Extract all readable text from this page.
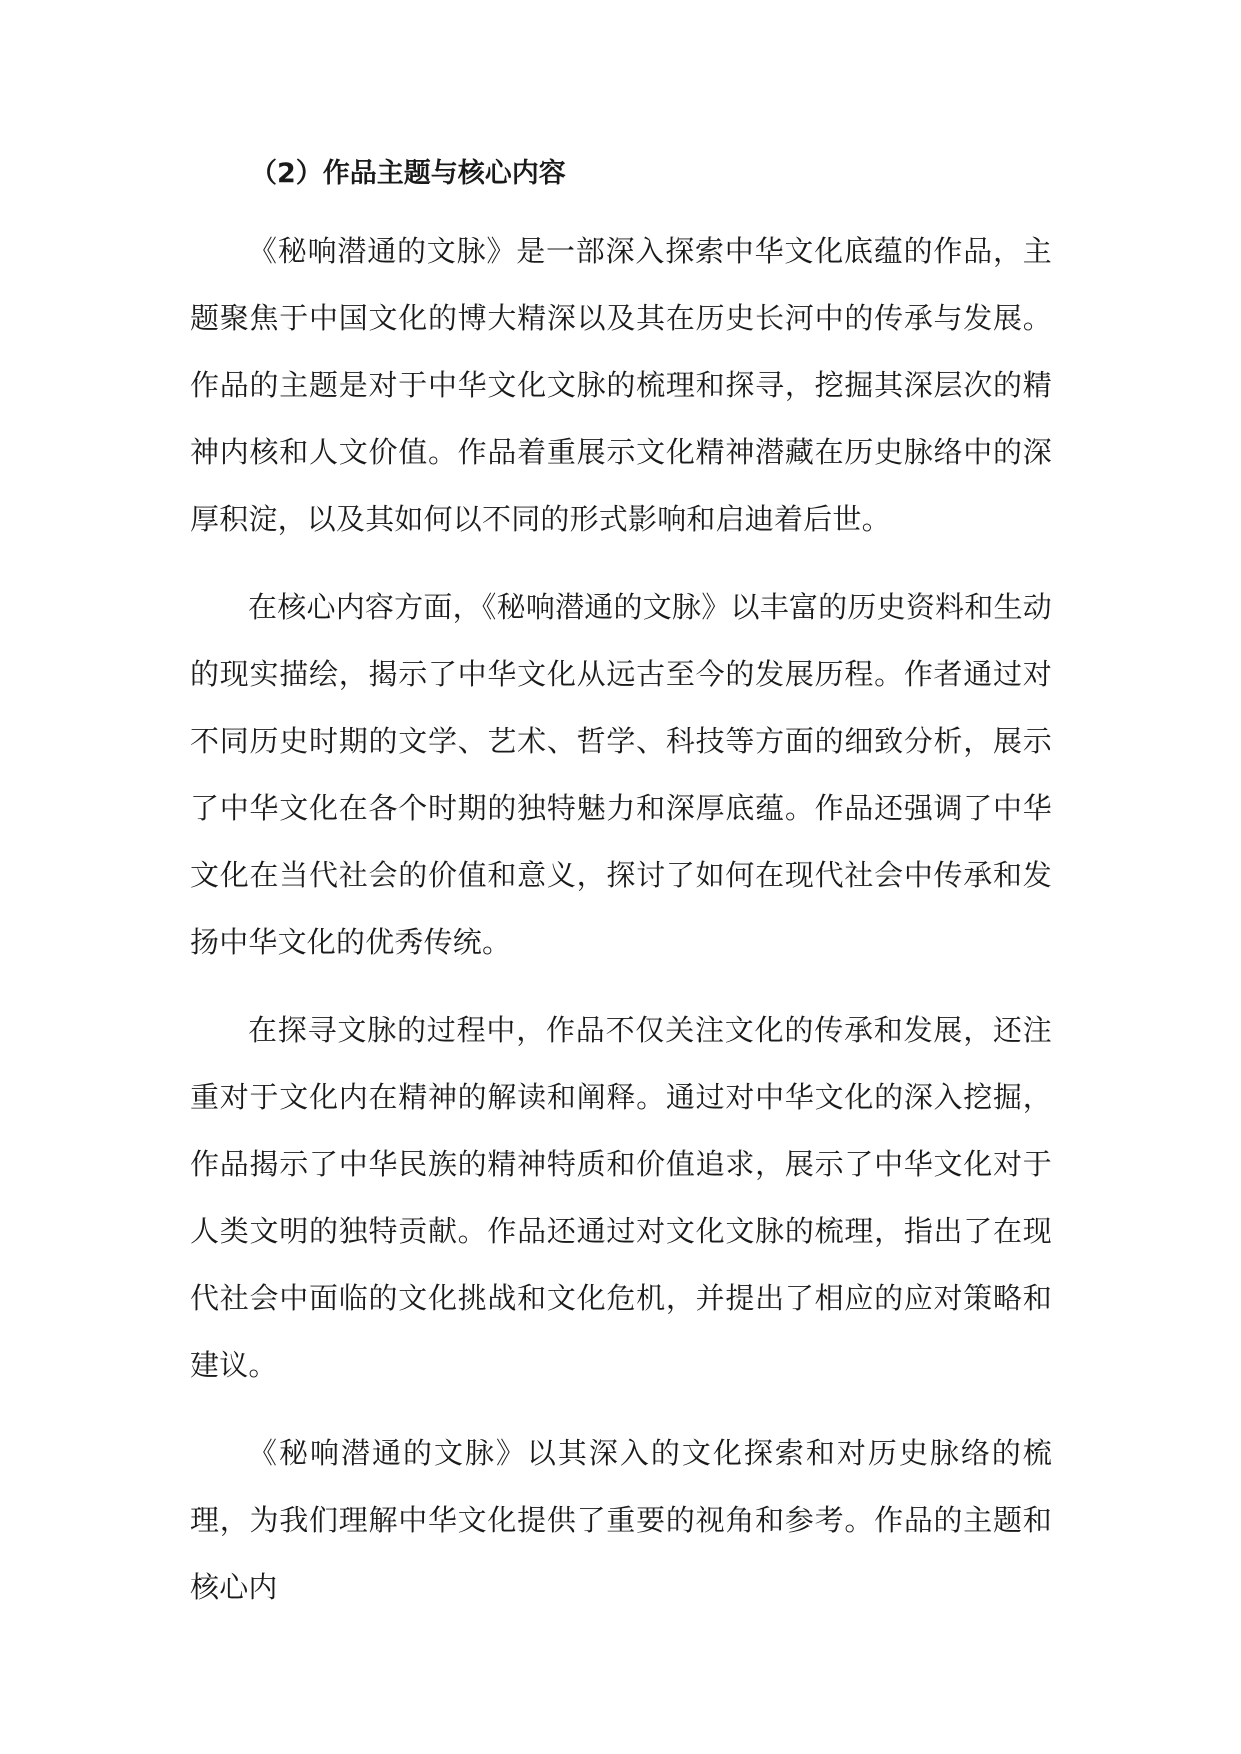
（2）作品主题与核心内容

《秘响潜通的文脉》是一部深入探索中华文化底蕴的作品，主题聚焦于中国文化的博大精深以及其在历史长河中的传承与发展。作品的主题是对于中华文化文脉的梳理和探寻，挖掘其深层次的精神内核和人文价值。作品着重展示文化精神潜藏在历史脉络中的深厚积淀，以及其如何以不同的形式影响和启迪着后世。

在核心内容方面，《秘响潜通的文脉》以丰富的历史资料和生动的现实描绘，揭示了中华文化从远古至今的发展历程。作者通过对不同历史时期的文学、艺术、哲学、科技等方面的细致分析，展示了中华文化在各个时期的独特魅力和深厚底蕴。作品还强调了中华文化在当代社会的价值和意义，探讨了如何在现代社会中传承和发扬中华文化的优秀传统。

在探寻文脉的过程中，作品不仅关注文化的传承和发展，还注重对于文化内在精神的解读和阐释。通过对中华文化的深入挖掘，作品揭示了中华民族的精神特质和价值追求，展示了中华文化对于人类文明的独特贡献。作品还通过对文化文脉的梳理，指出了在现代社会中面临的文化挑战和文化危机，并提出了相应的应对策略和建议。

《秘响潜通的文脉》以其深入的文化探索和对历史脉络的梳理，为我们理解中华文化提供了重要的视角和参考。作品的主题和核心内
